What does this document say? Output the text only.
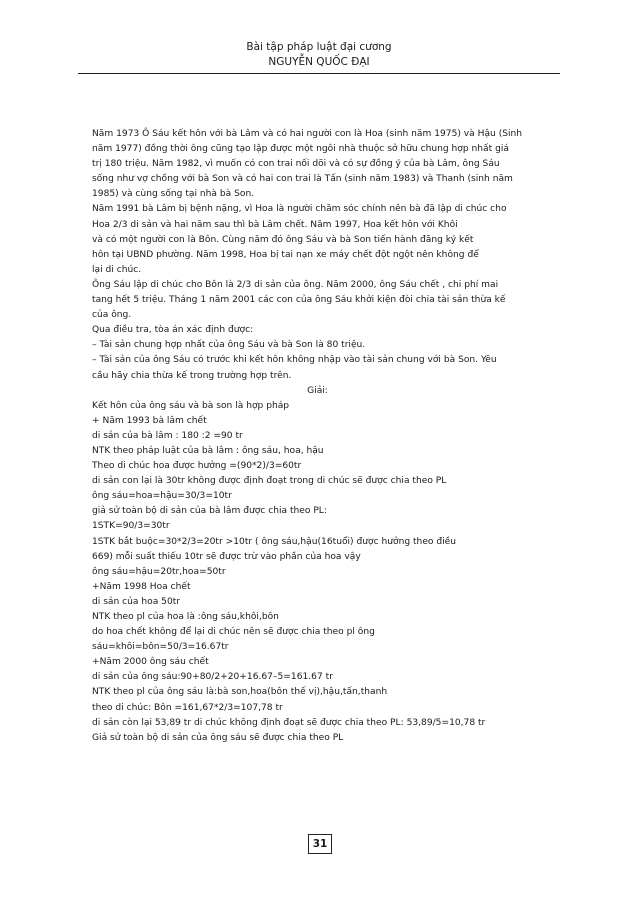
Bài tập pháp luật đại cương
NGUYỄN QUỐC ĐẠI
Năm 1973 Ô Sáu kết hôn với bà Lâm và có hai người con là Hoa (sinh năm 1975) và Hậu (Sinh
năm 1977) đồng thời ông cũng tạo lập được một ngôi nhà thuộc sở hữu chung hợp nhất giá
trị 180 triệu. Năm 1982, vì muốn có con trai nối dõi và có sự đồng ý của bà Lâm, ông Sáu
sống như vợ chồng với bà Son và có hai con trai là Tấn (sinh năm 1983) và Thanh (sinh năm
1985) và cùng sống tại nhà bà Son.
Năm 1991 bà Lâm bị bệnh nặng, vì Hoa là người chăm sóc chính nên bà đã lập di chúc cho
Hoa 2/3 di sản và hai năm sau thì bà Lâm chết. Năm 1997, Hoa kết hôn với Khôi
và có một người con là Bôn. Cùng năm đó ông Sáu và bà Son tiến hành đăng ký kết
hôn tại UBND phường. Năm 1998, Hoa bị tai nạn xe máy chết đột ngột nên không để
lại di chúc.
Ông Sáu lập di chúc cho Bôn là 2/3 di sản của ông. Năm 2000, ông Sáu chết , chi phí mai
tang hết 5 triệu. Tháng 1 năm 2001 các con của ông Sáu khởi kiện đòi chia tài sản thừa kế
của ông.
Qua điều tra, tòa án xác định được:
– Tài sản chung hợp nhất của ông Sáu và bà Son là 80 triệu.
– Tài sản của ông Sáu có trước khi kết hôn không nhập vào tài sản chung với bà Son. Yêu
cầu hãy chia thừa kế trong trường hợp trên.
Giải:
Kết hôn của ông sáu và bà son là hợp pháp
+ Năm 1993 bà lâm chết
di sản của bà lâm : 180 :2 =90 tr
NTK theo pháp luật của bà lâm : ông sáu, hoa, hậu
Theo di chúc hoa được hưởng =(90*2)/3=60tr
di sản con lại là 30tr không được định đoạt trong di chúc sẽ được chia theo PL
ông sáu=hoa=hậu=30/3=10tr
giả sử toàn bộ di sản của bà lâm được chia theo PL:
1STK=90/3=30tr
1STK bắt buộc=30*2/3=20tr >10tr ( ông sáu,hậu(16tuổi) được hưởng theo điều
669) mỗi suất thiếu 10tr sẽ được trừ vào phần của hoa vậy
ông sáu=hậu=20tr,hoa=50tr
+Năm 1998 Hoa chết
di sản của hoa 50tr
NTK theo pl của hoa là :ông sáu,khôi,bôn
do hoa chết không để lại di chúc nên sẽ được chia theo pl ông
sáu=khôi=bôn=50/3=16.67tr
+Năm 2000 ông sáu chết
di sản của ông sáu:90+80/2+20+16.67–5=161.67 tr
NTK theo pl của ông sáu là:bà son,hoa(bôn thế vị),hậu,tấn,thanh
theo di chúc: Bôn =161,67*2/3=107,78 tr
di sản còn lại 53,89 tr di chúc không định đoạt sẽ được chia theo PL: 53,89/5=10,78 tr
Giả sử toàn bộ di sản của ông sáu sẽ được chia theo PL
31
